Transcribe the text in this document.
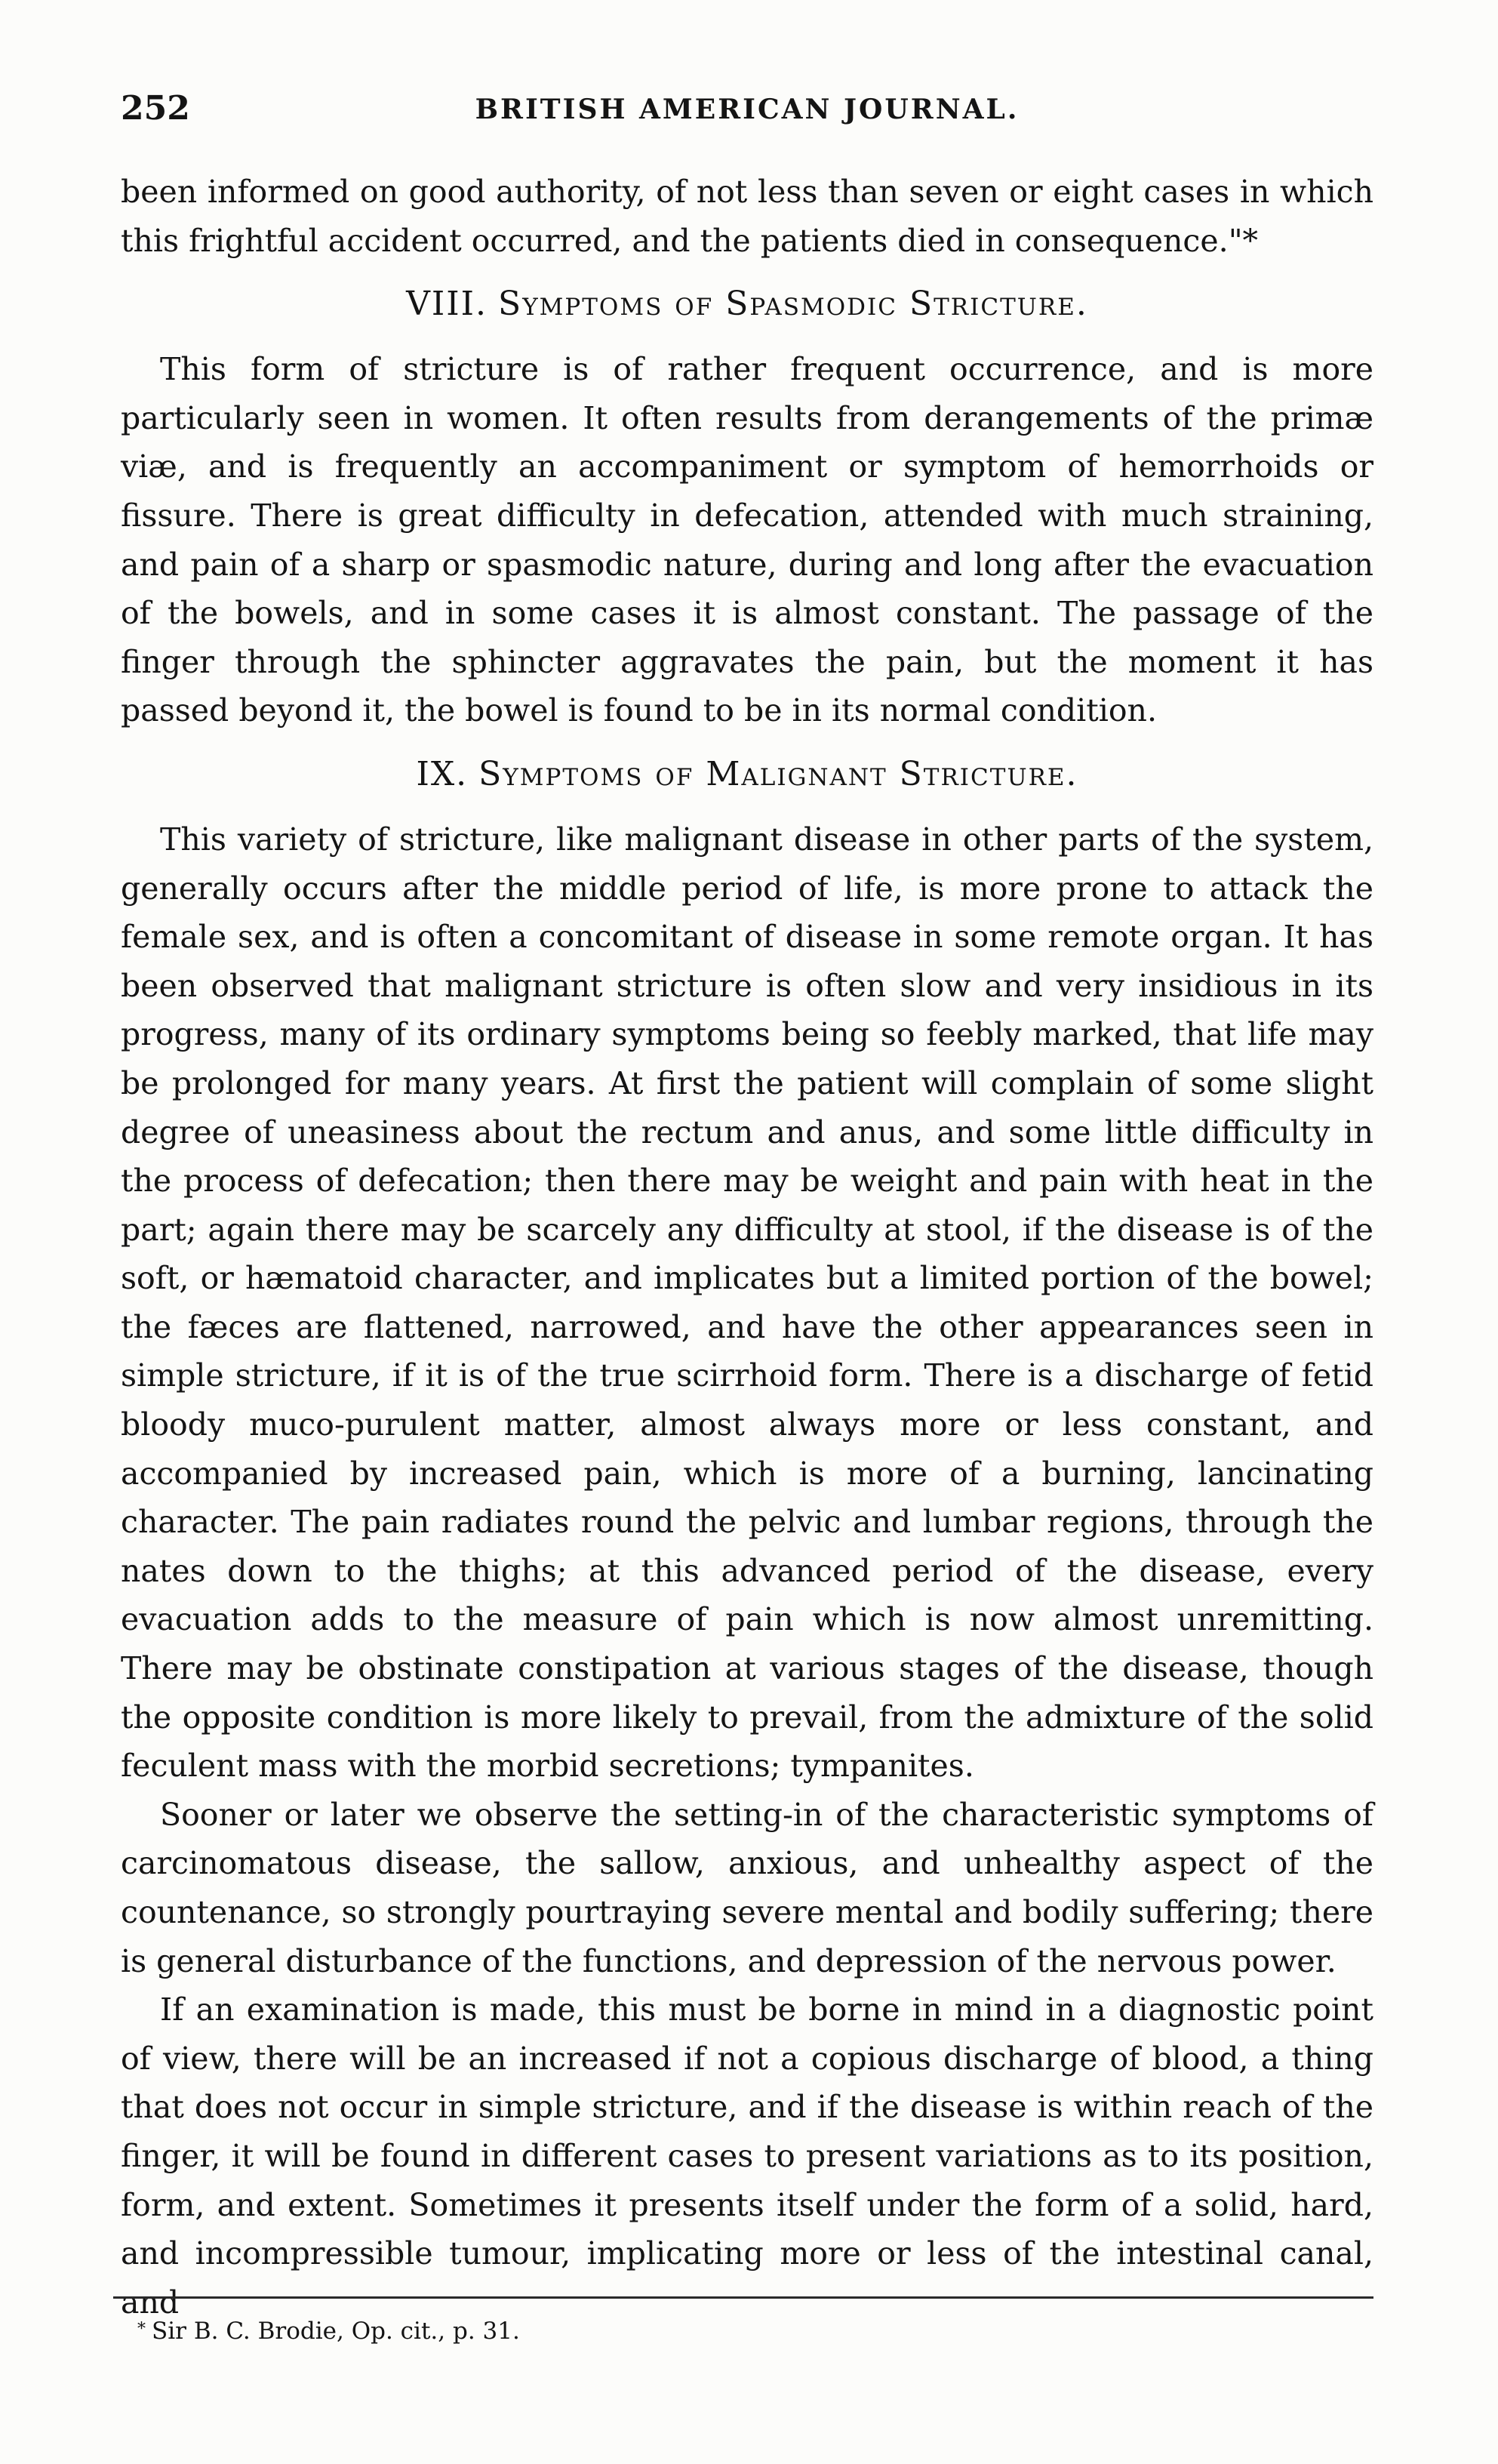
252	BRITISH AMERICAN JOURNAL.

been informed on good authority, of not less than seven or eight cases in which this frightful accident occurred, and the patients died in consequence."*

VIII. Symptoms of Spasmodic Stricture.

This form of stricture is of rather frequent occurrence, and is more particularly seen in women. It often results from derangements of the primæ viæ, and is frequently an accompaniment or symptom of hemorrhoids or fissure. There is great difficulty in defecation, attended with much straining, and pain of a sharp or spasmodic nature, during and long after the evacuation of the bowels, and in some cases it is almost constant. The passage of the finger through the sphincter aggravates the pain, but the moment it has passed beyond it, the bowel is found to be in its normal condition.

IX. Symptoms of Malignant Stricture.

This variety of stricture, like malignant disease in other parts of the system, generally occurs after the middle period of life, is more prone to attack the female sex, and is often a concomitant of disease in some remote organ. It has been observed that malignant stricture is often slow and very insidious in its progress, many of its ordinary symptoms being so feebly marked, that life may be prolonged for many years. At first the patient will complain of some slight degree of uneasiness about the rectum and anus, and some little difficulty in the process of defecation; then there may be weight and pain with heat in the part; again there may be scarcely any difficulty at stool, if the disease is of the soft, or hæmatoid character, and implicates but a limited portion of the bowel; the fæces are flattened, narrowed, and have the other appearances seen in simple stricture, if it is of the true scirrhoid form. There is a discharge of fetid bloody muco-purulent matter, almost always more or less constant, and accompanied by increased pain, which is more of a burning, lancinating character. The pain radiates round the pelvic and lumbar regions, through the nates down to the thighs; at this advanced period of the disease, every evacuation adds to the measure of pain which is now almost unremitting. There may be obstinate constipation at various stages of the disease, though the opposite condition is more likely to prevail, from the admixture of the solid feculent mass with the morbid secretions; tympanites.

Sooner or later we observe the setting-in of the characteristic symptoms of carcinomatous disease, the sallow, anxious, and unhealthy aspect of the countenance, so strongly pourtraying severe mental and bodily suffering; there is general disturbance of the functions, and depression of the nervous power.

If an examination is made, this must be borne in mind in a diagnostic point of view, there will be an increased if not a copious discharge of blood, a thing that does not occur in simple stricture, and if the disease is within reach of the finger, it will be found in different cases to present variations as to its position, form, and extent. Sometimes it presents itself under the form of a solid, hard, and incompressible tumour, implicating more or less of the intestinal canal, and

* Sir B. C. Brodie, Op. cit., p. 31.
